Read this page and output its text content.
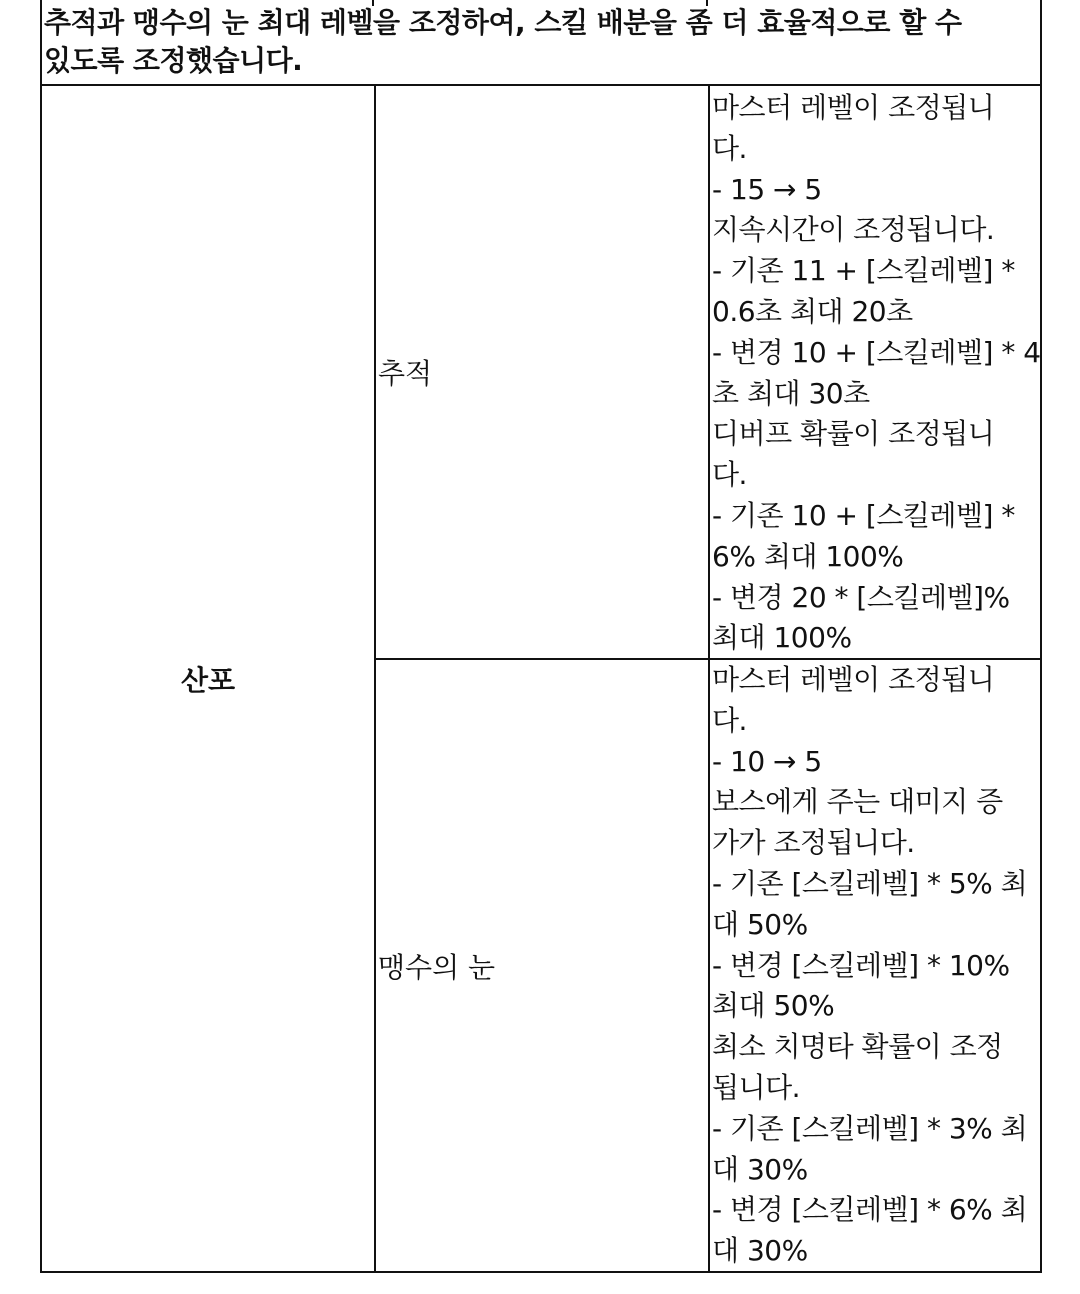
추적과 맹수의 눈 최대 레벨을 조정하여, 스킬 배분을 좀 더 효율적으로 할 수

있도록 조정했습니다.

산포
추적
마스터 레벨이 조정됩니
다.
- 15 → 5
지속시간이 조정됩니다.
- 기존 11 + [스킬레벨] *
0.6초 최대 20초
- 변경 10 + [스킬레벨] * 4
초 최대 30초
디버프 확률이 조정됩니
다.
- 기존 10 + [스킬레벨] *
6% 최대 100%
- 변경 20 * [스킬레벨]%
최대 100%
맹수의 눈
마스터 레벨이 조정됩니
다.
- 10 → 5
보스에게 주는 대미지 증
가가 조정됩니다.
- 기존 [스킬레벨] * 5% 최
대 50%
- 변경 [스킬레벨] * 10%
최대 50%
최소 치명타 확률이 조정
됩니다.
- 기존 [스킬레벨] * 3% 최
대 30%
- 변경 [스킬레벨] * 6% 최
대 30%
